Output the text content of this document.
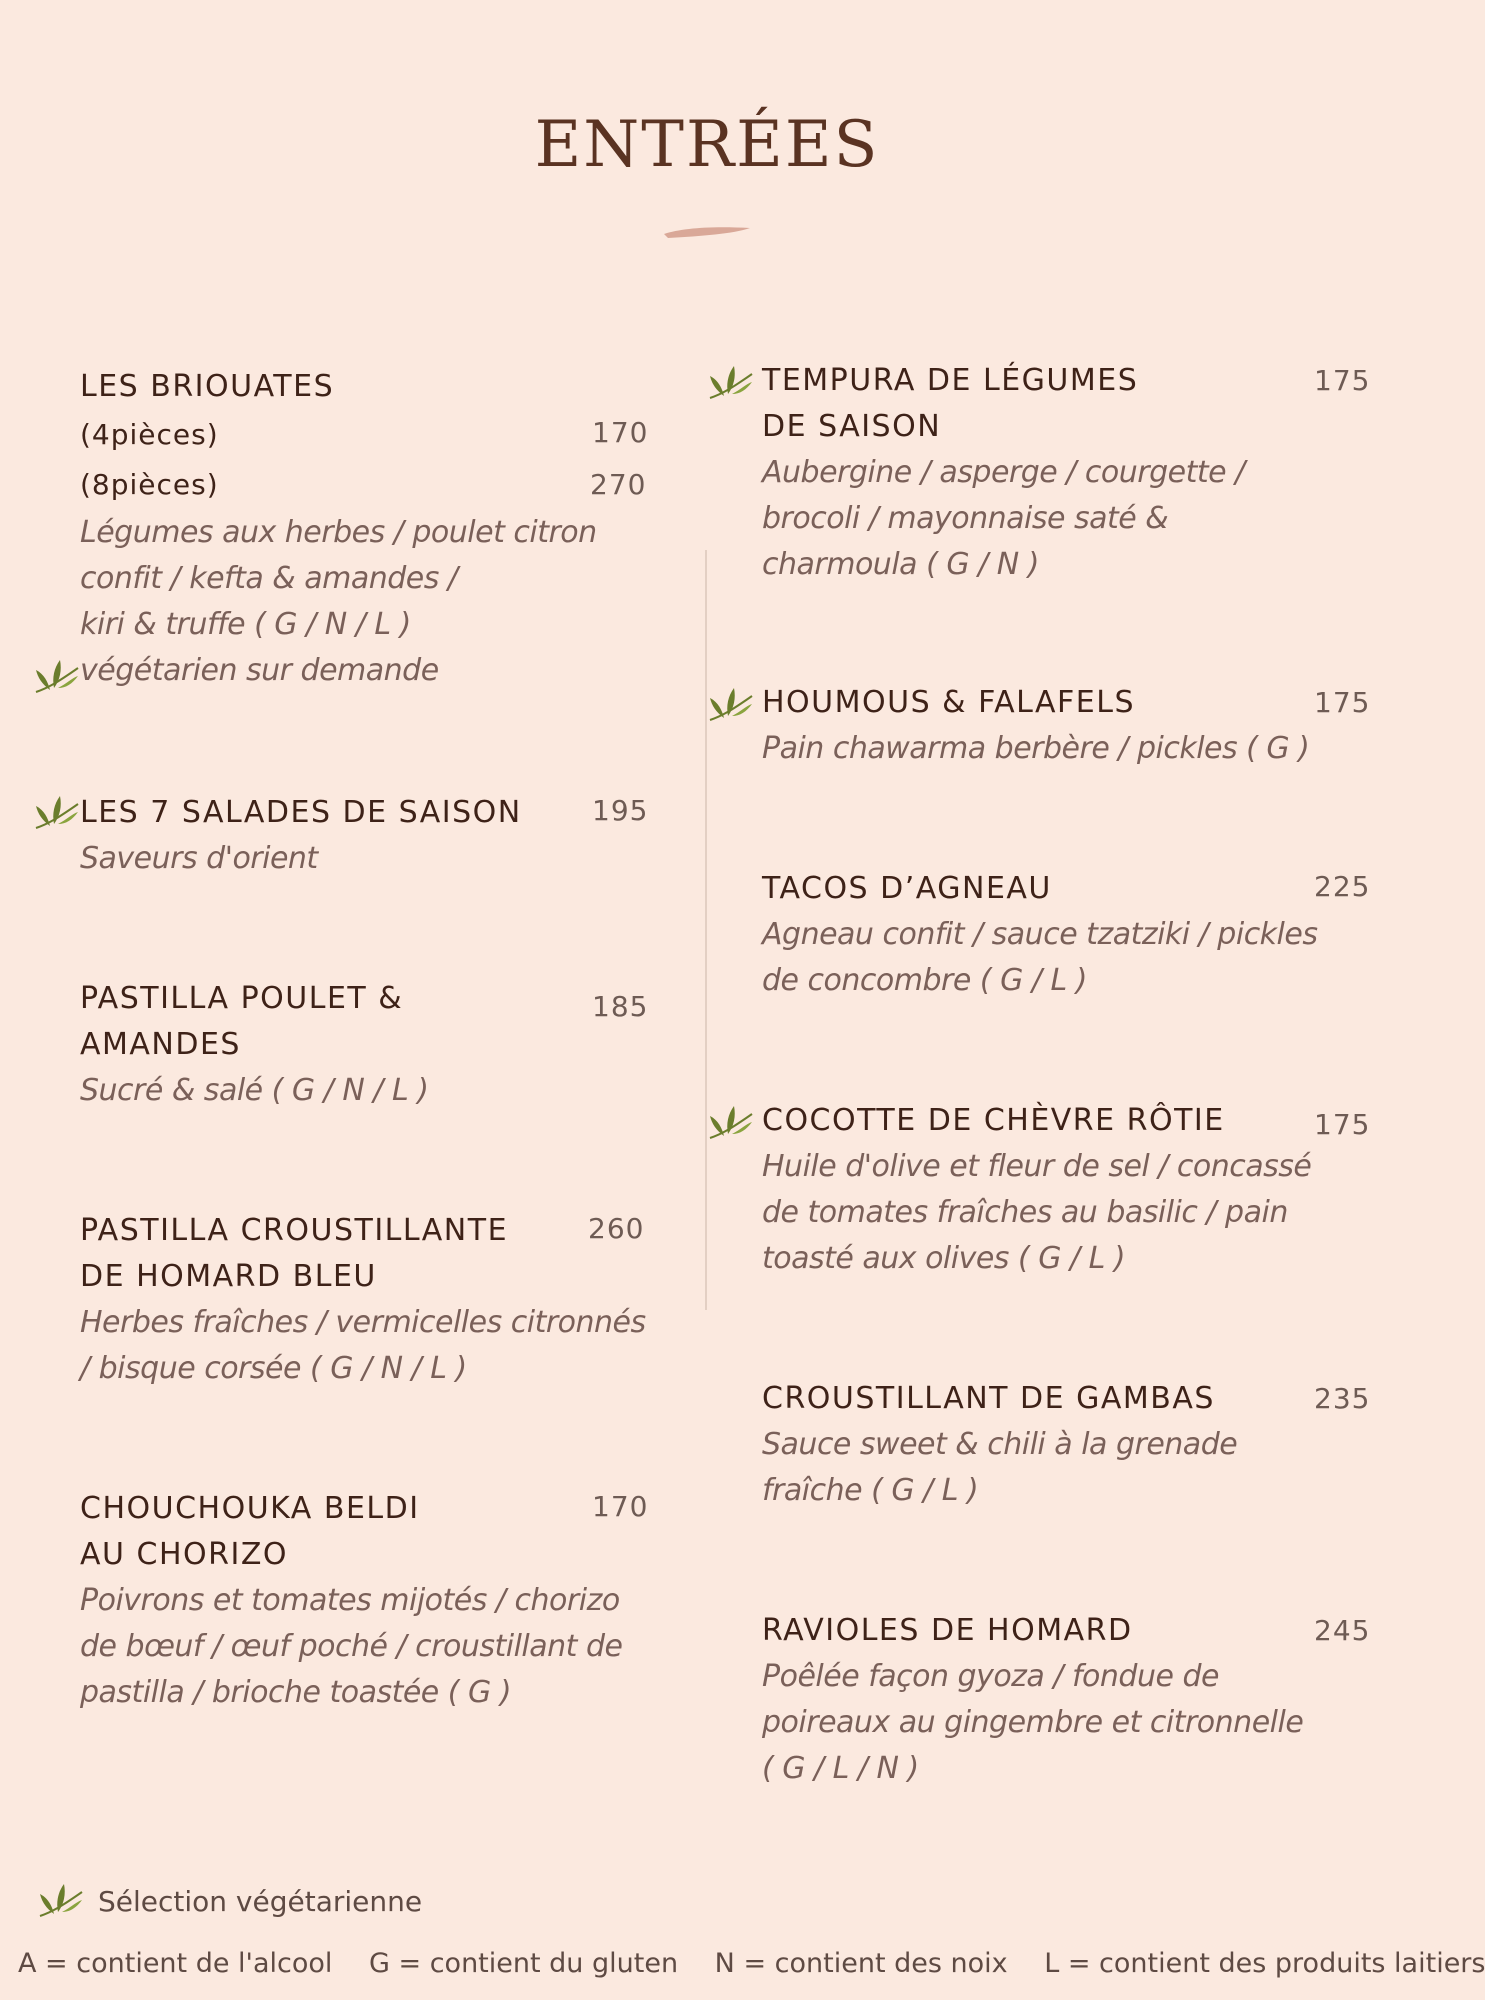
ENTRÉES
LES BRIOUATES
(4pièces)
(8pièces)
Légumes aux herbes / poulet citron
confit / kefta & amandes /
kiri & truffe ( G / N / L )
végétarien sur demande
170
270
LES 7 SALADES DE SAISON
Saveurs d'orient
195
PASTILLA POULET &
AMANDES
Sucré & salé ( G / N / L )
185
PASTILLA CROUSTILLANTE
DE HOMARD BLEU
Herbes fraîches / vermicelles citronnés
/ bisque corsée ( G / N / L )
260
CHOUCHOUKA BELDI
AU CHORIZO
Poivrons et tomates mijotés / chorizo
de bœuf / œuf poché / croustillant de
pastilla / brioche toastée ( G )
170
TEMPURA DE LÉGUMES
DE SAISON
Aubergine / asperge / courgette /
brocoli / mayonnaise saté &
charmoula ( G / N )
175
HOUMOUS & FALAFELS
Pain chawarma berbère / pickles ( G )
175
TACOS D’AGNEAU
Agneau confit / sauce tzatziki / pickles
de concombre ( G / L )
225
COCOTTE DE CHÈVRE RÔTIE
Huile d'olive et fleur de sel / concassé
de tomates fraîches au basilic / pain
toasté aux olives ( G / L )
175
CROUSTILLANT DE GAMBAS
Sauce sweet & chili à la grenade
fraîche ( G / L )
235
RAVIOLES DE HOMARD
Poêlée façon gyoza / fondue de
poireaux au gingembre et citronnelle
( G / L / N )
245
Sélection végétarienne
A = contient de l'alcool G = contient du gluten N = contient des noix L = contient des produits laitiers
